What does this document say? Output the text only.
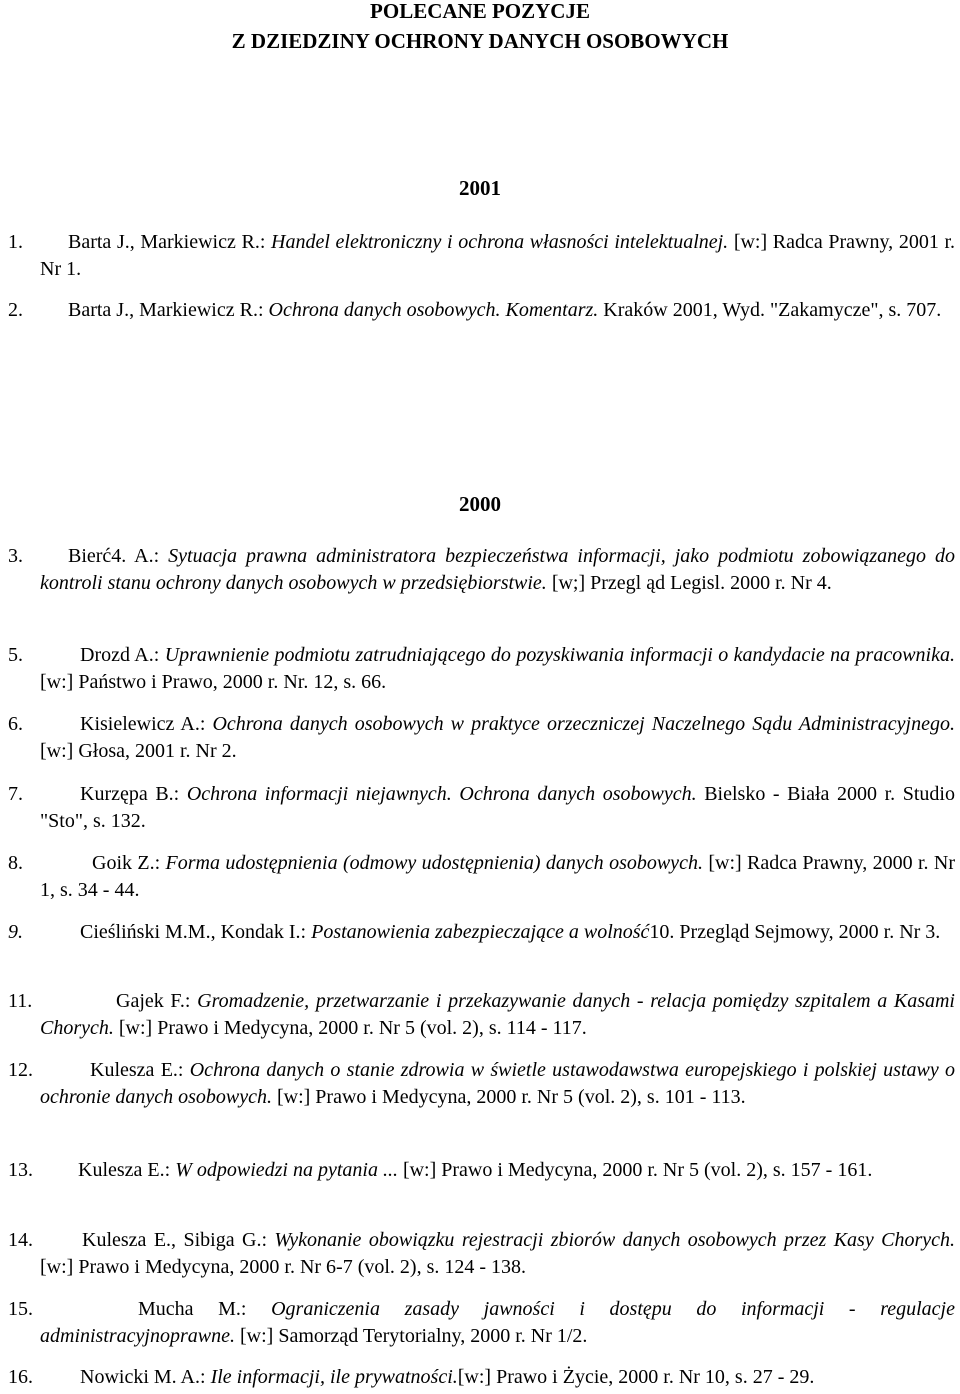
POLECANE POZYCJE
Z DZIEDZINY OCHRONY DANYCH OSOBOWYCH
2001

1. Barta J., Markiewicz R.: Handel elektroniczny i ochrona własności intelektualnej. [w:] Radca Prawny, 2001 r. Nr 1.

2. Barta J., Markiewicz R.: Ochrona danych osobowych. Komentarz. Kraków 2001, Wyd. "Zakamycze", s. 707.

2000

3. Bierć4. A.: Sytuacja prawna administratora bezpieczeństwa informacji, jako podmiotu zobowiązanego do kontroli stanu ochrony danych osobowych w przedsiębiorstwie. [w;] Przegl ąd Legisl. 2000 r. Nr 4.

5.	Drozd A.: Uprawnienie podmiotu zatrudniającego do pozyskiwania informacji o kandydacie na pracownika. [w:] Państwo i Prawo, 2000 r. Nr. 12, s. 66.

6.	Kisielewicz A.: Ochrona danych osobowych w praktyce orzeczniczej Naczelnego Sądu Administracyjnego. [w:] Głosa, 2001 r. Nr 2.

7.	Kurzępa B.: Ochrona informacji niejawnych. Ochrona danych osobowych. Bielsko - Biała 2000 r. Studio "Sto", s. 132.

8.	Goik Z.: Forma udostępnienia (odmowy udostępnienia) danych osobowych. [w:] Radca Prawny, 2000 r. Nr 1, s. 34 - 44.

9.	Cieśliński M.M., Kondak I.: Postanowienia zabezpieczające a wolność10. Przegląd Sejmowy, 2000 r. Nr 3.

11.	Gajek F.: Gromadzenie, przetwarzanie i przekazywanie danych - relacja pomiędzy szpitalem a Kasami Chorych. [w:] Prawo i Medycyna, 2000 r. Nr 5 (vol. 2), s. 114 - 117.

12.	Kulesza E.: Ochrona danych o stanie zdrowia w świetle ustawodawstwa europejskiego i polskiej ustawy o ochronie danych osobowych. [w:] Prawo i Medycyna, 2000 r. Nr 5 (vol. 2), s. 101 - 113.

13. Kulesza E.: W odpowiedzi na pytania ... [w:] Prawo i Medycyna, 2000 r. Nr 5 (vol. 2), s. 157 - 161.

14. Kulesza E., Sibiga G.: Wykonanie obowiązku rejestracji zbiorów danych osobowych przez Kasy Chorych. [w:] Prawo i Medycyna, 2000 r. Nr 6-7 (vol. 2), s. 124 - 138.

15.	Mucha M.: Ograniczenia zasady jawności i dostępu do informacji - regulacje administracyjnoprawne. [w:] Samorząd Terytorialny, 2000 r. Nr 1/2.

16. Nowicki M. A.: Ile informacji, ile prywatności.[w:] Prawo i Życie, 2000 r. Nr 10, s. 27 - 29.
